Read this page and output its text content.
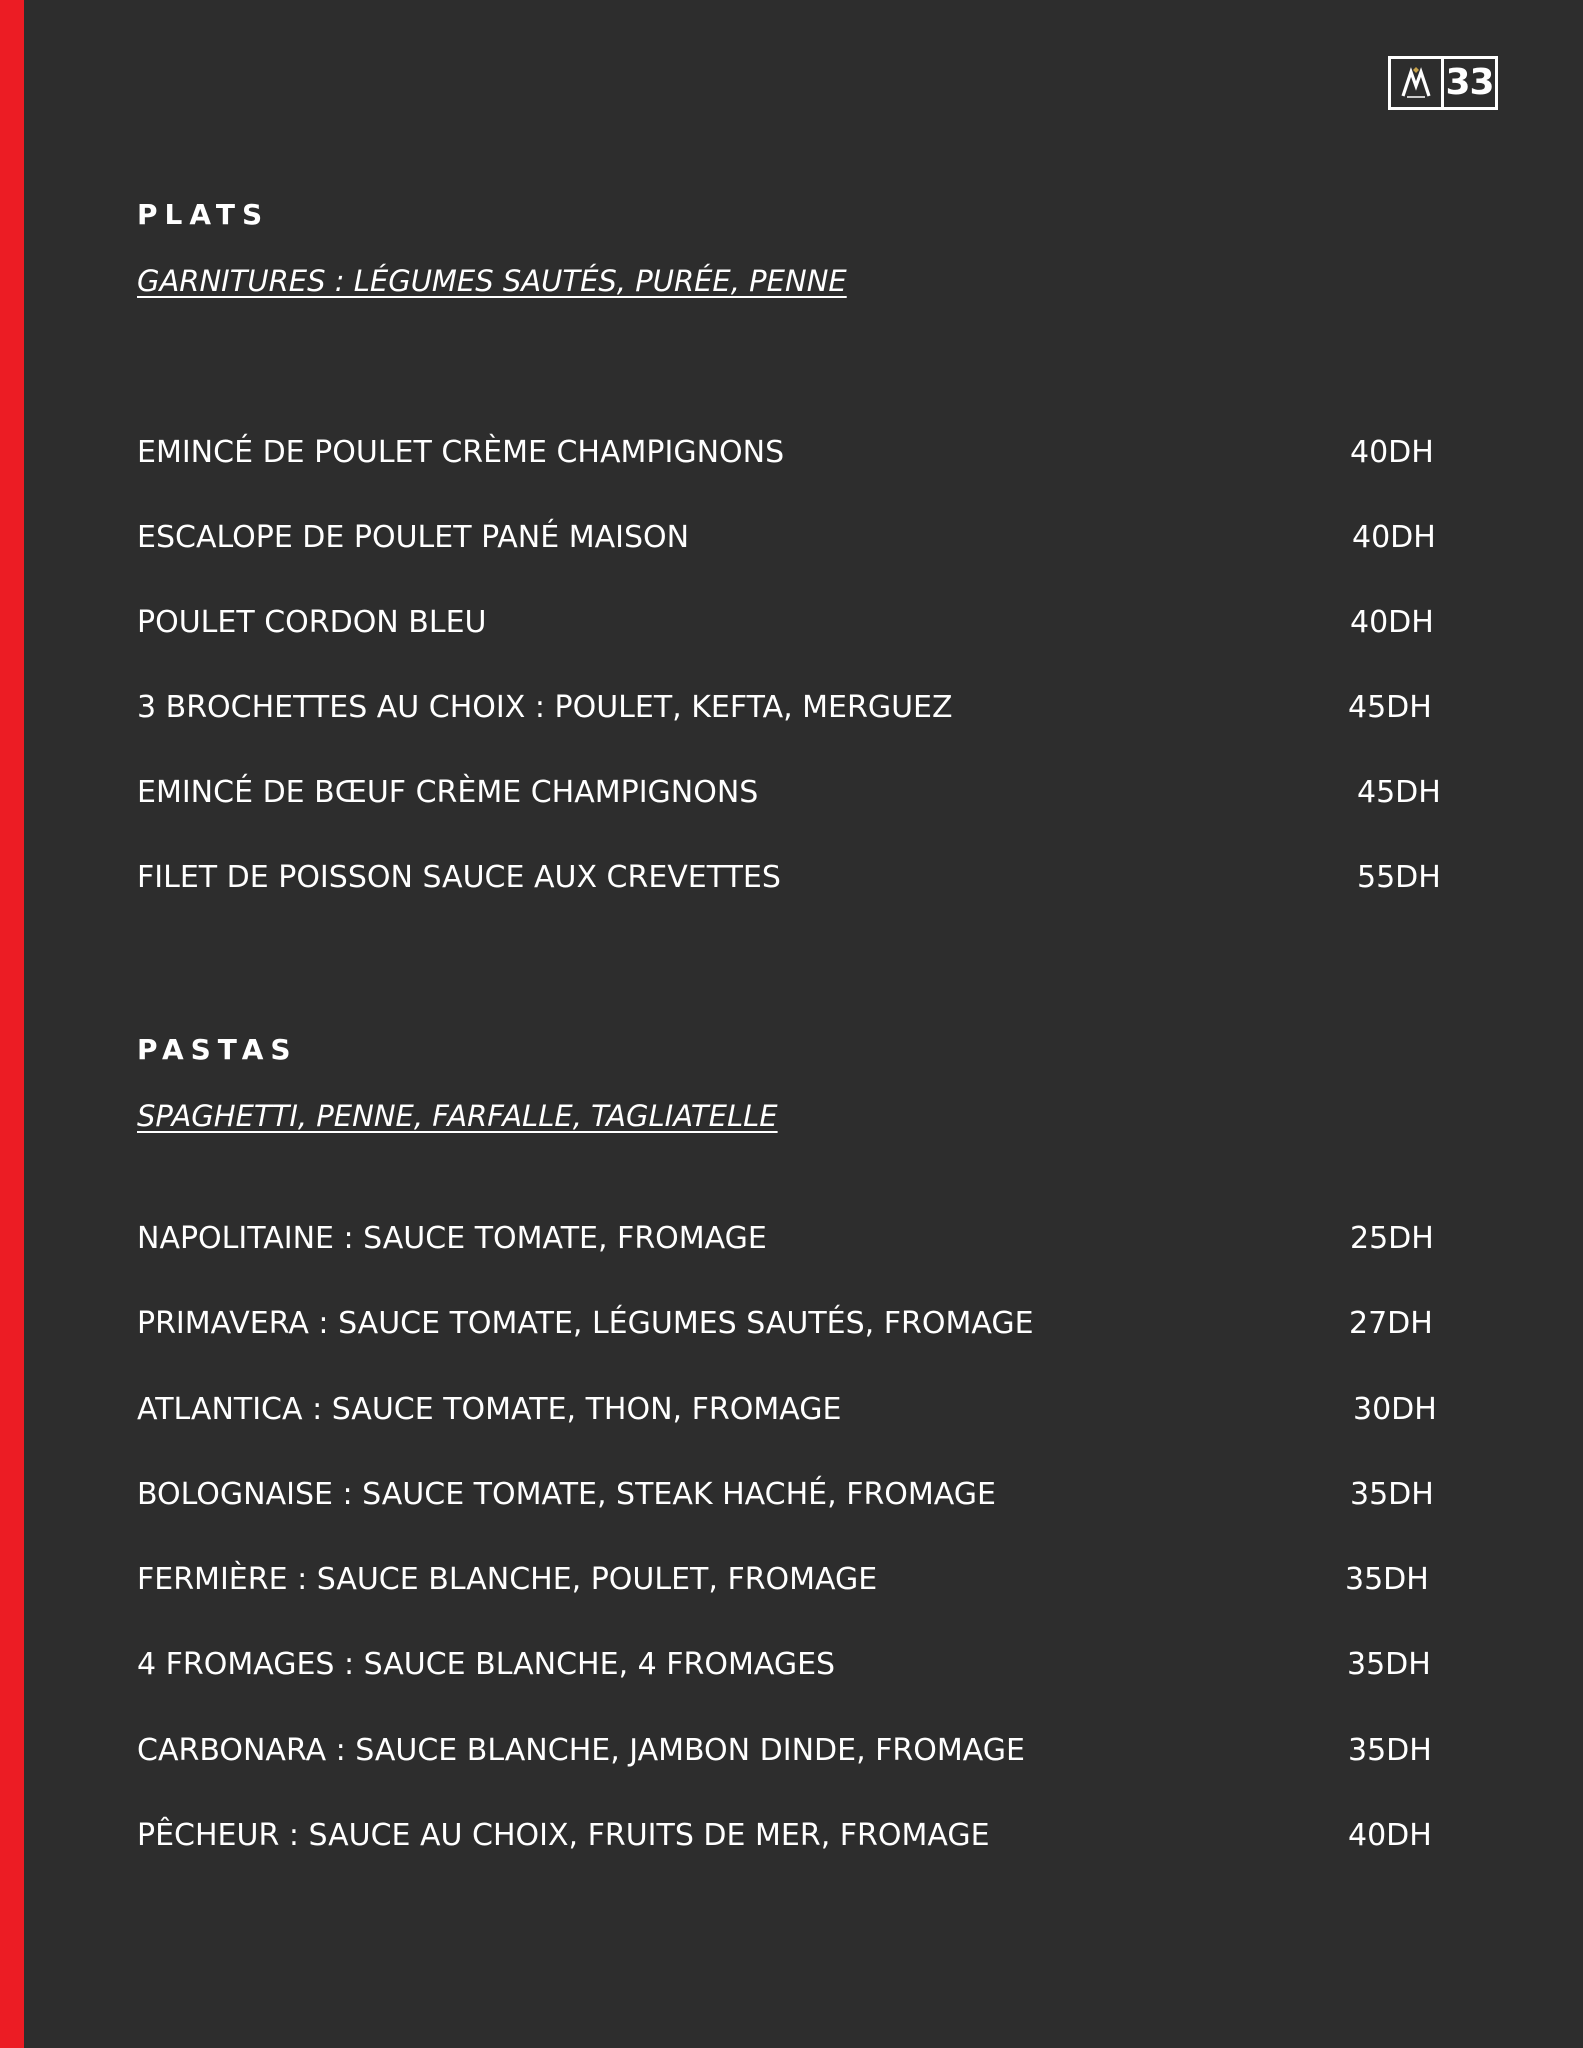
33
PLATS
GARNITURES : LÉGUMES SAUTÉS, PURÉE, PENNE
EMINCÉ DE POULET CRÈME CHAMPIGNONS	40DH
ESCALOPE DE POULET PANÉ MAISON	40DH
POULET CORDON BLEU	40DH
3 BROCHETTES AU CHOIX : POULET, KEFTA, MERGUEZ	45DH
EMINCÉ DE BŒUF CRÈME CHAMPIGNONS	45DH
FILET DE POISSON SAUCE AUX CREVETTES	55DH
PASTAS
SPAGHETTI, PENNE, FARFALLE, TAGLIATELLE
NAPOLITAINE : SAUCE TOMATE, FROMAGE	25DH
PRIMAVERA : SAUCE TOMATE, LÉGUMES SAUTÉS, FROMAGE	27DH
ATLANTICA : SAUCE TOMATE, THON, FROMAGE	30DH
BOLOGNAISE : SAUCE TOMATE, STEAK HACHÉ, FROMAGE	35DH
FERMIÈRE : SAUCE BLANCHE, POULET, FROMAGE	35DH
4 FROMAGES : SAUCE BLANCHE, 4 FROMAGES	35DH
CARBONARA : SAUCE BLANCHE, JAMBON DINDE, FROMAGE	35DH
PÊCHEUR : SAUCE AU CHOIX, FRUITS DE MER, FROMAGE	40DH
